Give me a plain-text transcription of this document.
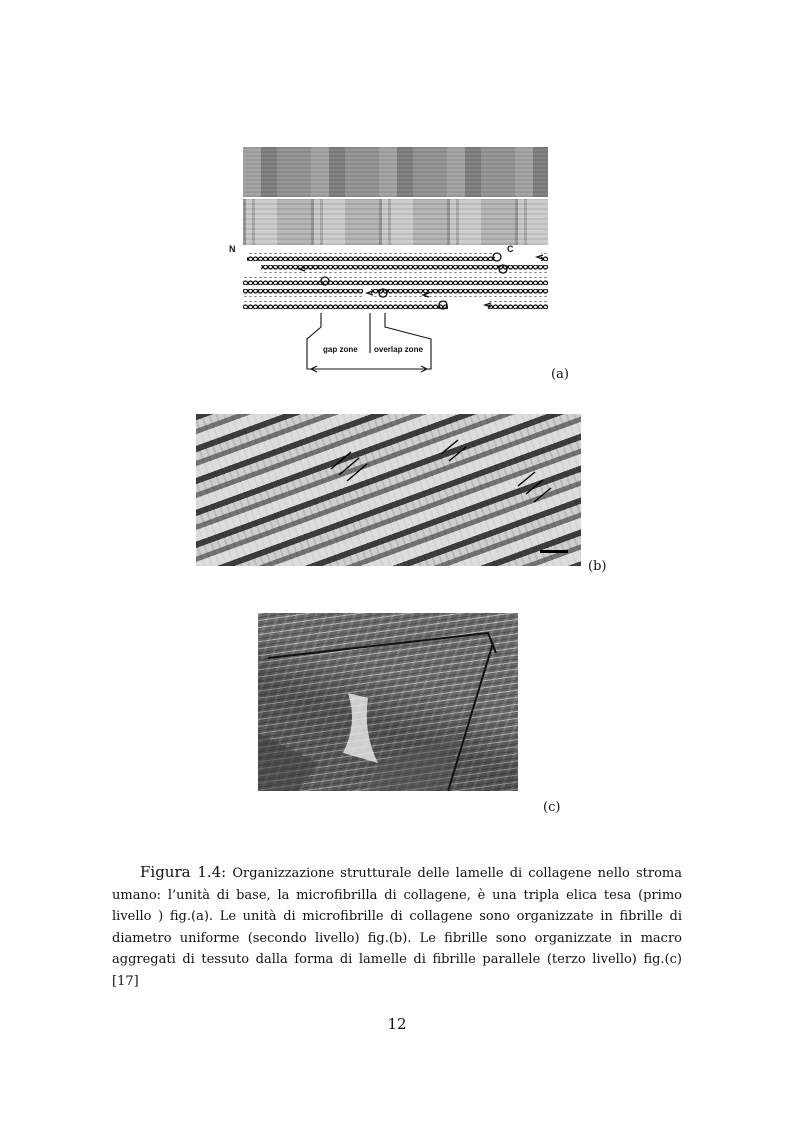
gap zone overlap zone
N	C
(a)
(b)
(c)
Figura 1.4: Organizzazione strutturale delle lamelle di collagene nello stroma umano: l’unità di base, la microfibrilla di collagene, è una tripla elica tesa (primo livello ) fig.(a). Le unità di microfibrille di collagene sono organizzate in fibrille di diametro uniforme (secondo livello) fig.(b). Le fibrille sono organizzate in macro aggregati di tessuto dalla forma di lamelle di fibrille parallele (terzo livello) fig.(c) [17]
12
